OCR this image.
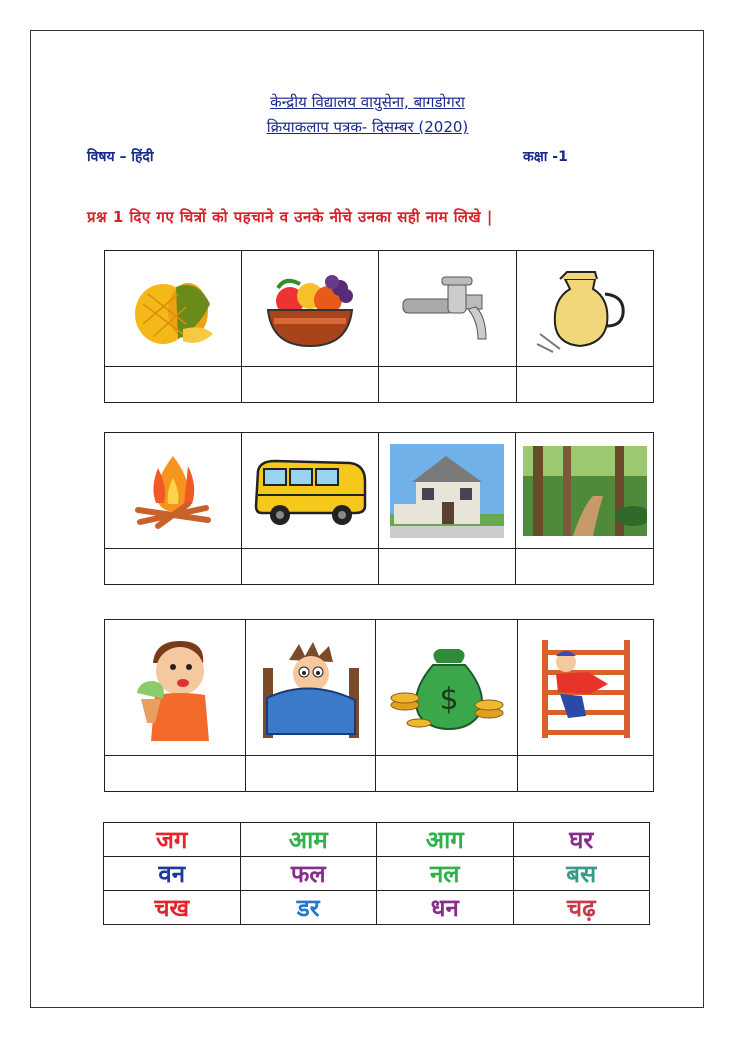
केन्द्रीय विद्यालय वायुसेना, बागडोगरा
क्रियाकलाप पत्रक- दिसम्बर (2020)
विषय – हिंदी	कक्षा -1
प्रश्न 1 दिए गए चित्रों को पहचाने व उनके नीचे उनका सही नाम लिखे |

$

जग	आम	आग	घर
वन	फल	नल	बस
चख	डर	धन	चढ़
